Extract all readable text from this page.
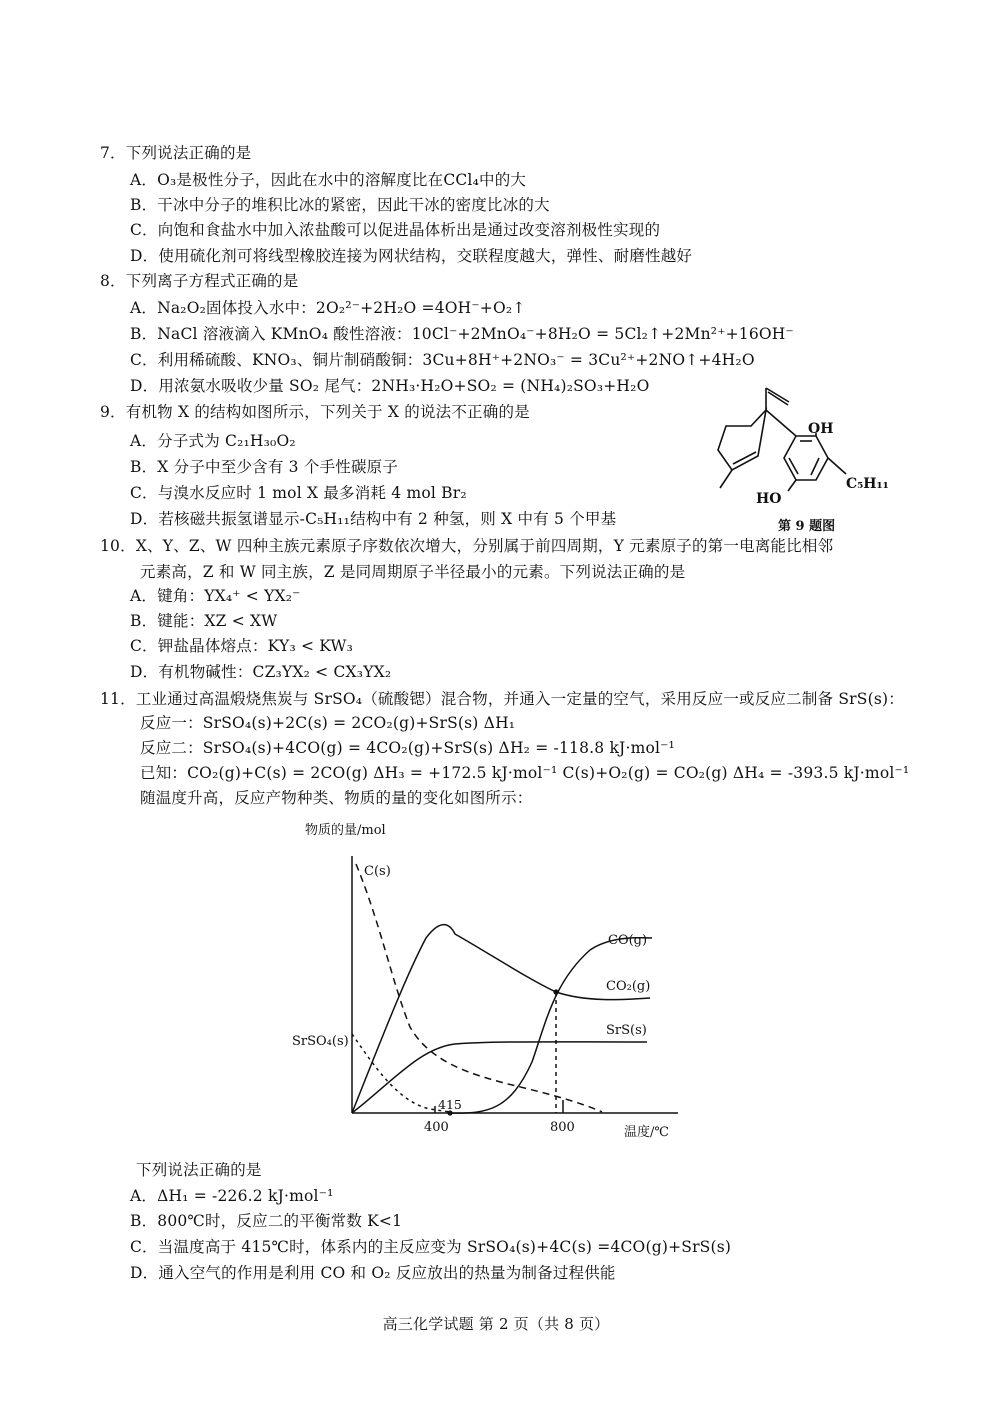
7．下列说法正确的是
A．O₃是极性分子，因此在水中的溶解度比在CCl₄中的大
B．干冰中分子的堆积比冰的紧密，因此干冰的密度比冰的大
C．向饱和食盐水中加入浓盐酸可以促进晶体析出是通过改变溶剂极性实现的
D．使用硫化剂可将线型橡胶连接为网状结构，交联程度越大，弹性、耐磨性越好
8．下列离子方程式正确的是
A．Na₂O₂固体投入水中：2O₂²⁻+2H₂O =4OH⁻+O₂↑
B．NaCl 溶液滴入 KMnO₄ 酸性溶液：10Cl⁻+2MnO₄⁻+8H₂O = 5Cl₂↑+2Mn²⁺+16OH⁻
C．利用稀硫酸、KNO₃、铜片制硝酸铜：3Cu+8H⁺+2NO₃⁻ = 3Cu²⁺+2NO↑+4H₂O
D．用浓氨水吸收少量 SO₂ 尾气：2NH₃·H₂O+SO₂ = (NH₄)₂SO₃+H₂O
9．有机物 X 的结构如图所示，下列关于 X 的说法不正确的是
A．分子式为 C₂₁H₃₀O₂
B．X 分子中至少含有 3 个手性碳原子
C．与溴水反应时 1 mol X 最多消耗 4 mol Br₂
D．若核磁共振氢谱显示-C₅H₁₁结构中有 2 种氢，则 X 中有 5 个甲基
OH
HO
C₅H₁₁
第 9 题图
10．X、Y、Z、W 四种主族元素原子序数依次增大，分别属于前四周期，Y 元素原子的第一电离能比相邻
元素高，Z 和 W 同主族，Z 是同周期原子半径最小的元素。下列说法正确的是
A．键角：YX₄⁺ < YX₂⁻
B．键能：XZ < XW
C．钾盐晶体熔点：KY₃ < KW₃
D．有机物碱性：CZ₃YX₂ < CX₃YX₂
11．工业通过高温煅烧焦炭与 SrSO₄（硫酸锶）混合物，并通入一定量的空气，采用反应一或反应二制备 SrS(s)：
反应一：SrSO₄(s)+2C(s) = 2CO₂(g)+SrS(s) ΔH₁
反应二：SrSO₄(s)+4CO(g) = 4CO₂(g)+SrS(s) ΔH₂ = -118.8 kJ·mol⁻¹
已知：CO₂(g)+C(s) = 2CO(g) ΔH₃ = +172.5 kJ·mol⁻¹ C(s)+O₂(g) = CO₂(g) ΔH₄ = -393.5 kJ·mol⁻¹
随温度升高，反应产物种类、物质的量的变化如图所示：
物质的量/mol
温度/℃
400	800
415
C(s)
SrSO₄(s)
CO(g)
CO₂(g)
SrS(s)
下列说法正确的是
A．ΔH₁ = -226.2 kJ·mol⁻¹
B．800℃时，反应二的平衡常数 K<1
C．当温度高于 415℃时，体系内的主反应变为 SrSO₄(s)+4C(s) =4CO(g)+SrS(s)
D．通入空气的作用是利用 CO 和 O₂ 反应放出的热量为制备过程供能
高三化学试题 第 2 页（共 8 页）
